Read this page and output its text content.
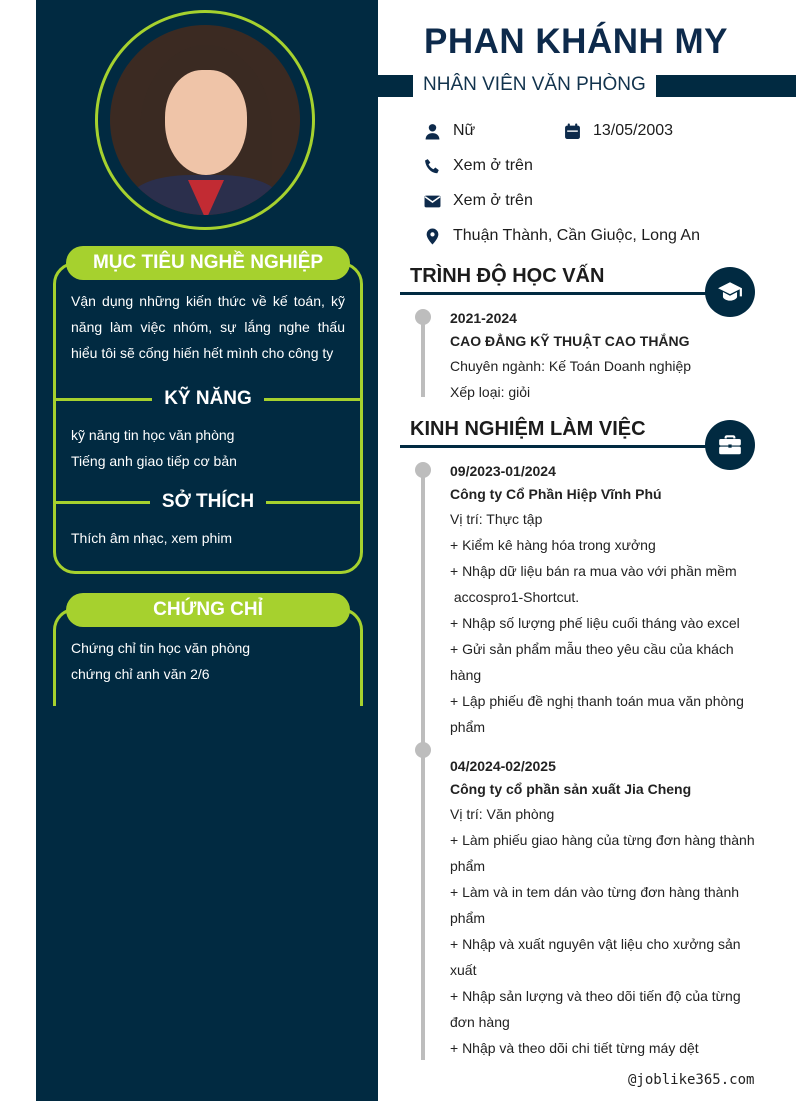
MỤC TIÊU NGHỀ NGHIỆP
Vận dụng những kiến thức về kế toán, kỹ năng làm việc nhóm, sự lắng nghe thấu hiểu tôi sẽ cống hiến hết mình cho công ty
KỸ NĂNG
kỹ năng tin học văn phòng
Tiếng anh giao tiếp cơ bản
SỞ THÍCH
Thích âm nhạc, xem phim
CHỨNG CHỈ
Chứng chỉ tin học văn phòng
chứng chỉ anh văn 2/6
PHAN KHÁNH MY
NHÂN VIÊN VĂN PHÒNG
Nữ	13/05/2003
Xem ở trên
Xem ở trên
Thuận Thành, Cần Giuộc, Long An
TRÌNH ĐỘ HỌC VẤN
2021-2024
CAO ĐẲNG KỸ THUẬT CAO THẮNG
Chuyên ngành: Kế Toán Doanh nghiệp
Xếp loại: giỏi
KINH NGHIỆM LÀM VIỆC
09/2023-01/2024
Công ty Cổ Phần Hiệp Vĩnh Phú
Vị trí: Thực tập
+ Kiểm kê hàng hóa trong xưởng
+ Nhập dữ liệu bán ra mua vào với phần mềm
accospro1-Shortcut.
+ Nhập số lượng phế liệu cuối tháng vào excel
+ Gửi sản phẩm mẫu theo yêu cầu của khách
hàng
+ Lập phiếu đề nghị thanh toán mua văn phòng
phẩm
04/2024-02/2025
Công ty cổ phần sản xuất Jia Cheng
Vị trí: Văn phòng
+ Làm phiếu giao hàng của từng đơn hàng thành
phẩm
+ Làm và in tem dán vào từng đơn hàng thành
phẩm
+ Nhập và xuất nguyên vật liệu cho xưởng sản
xuất
+ Nhập sản lượng và theo dõi tiến độ của từng
đơn hàng
+ Nhập và theo dõi chi tiết từng máy dệt
@joblike365.com
